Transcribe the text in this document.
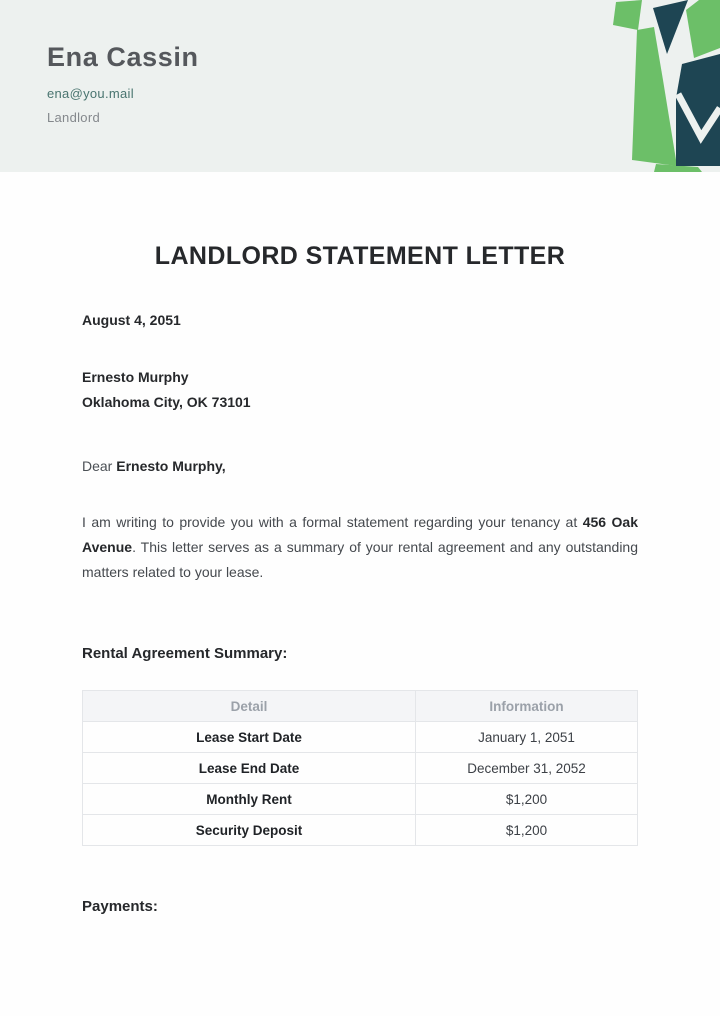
Ena Cassin
ena@you.mail
Landlord
LANDLORD STATEMENT LETTER
August 4, 2051
Ernesto Murphy
Oklahoma City, OK 73101
Dear Ernesto Murphy,

I am writing to provide you with a formal statement regarding your tenancy at 456 Oak Avenue. This letter serves as a summary of your rental agreement and any outstanding matters related to your lease.

Rental Agreement Summary:
Detail	Information
Lease Start Date	January 1, 2051
Lease End Date	December 31, 2052
Monthly Rent	$1,200
Security Deposit	$1,200
Payments:
